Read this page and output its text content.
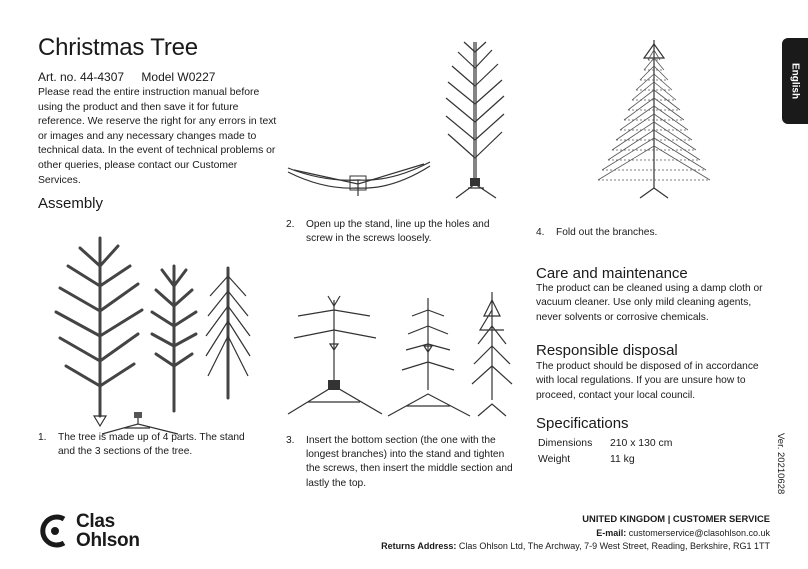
Christmas Tree
Art. no. 44-4307 Model W0227
Please read the entire instruction manual before using the product and then save it for future reference. We reserve the right for any errors in text or images and any necessary changes made to technical data. In the event of technical problems or other queries, please contact our Customer Services.
Assembly
1. The tree is made up of 4 parts. The stand and the 3 sections of the tree.
2. Open up the stand, line up the holes and screw in the screws loosely.
3. Insert the bottom section (the one with the longest branches) into the stand and tighten the screws, then insert the middle section and lastly the top.
4. Fold out the branches.
Care and maintenance
The product can be cleaned using a damp cloth or vacuum cleaner. Use only mild cleaning agents, never solvents or corrosive chemicals.
Responsible disposal
The product should be disposed of in accordance with local regulations. If you are unsure how to proceed, contact your local council.
Specifications
Dimensions	210 x 130 cm
Weight	11 kg
English
Ver. 20210628
Clas
Ohlson
UNITED KINGDOM | CUSTOMER SERVICE
E-mail: customerservice@clasohlson.co.uk
Returns Address: Clas Ohlson Ltd, The Archway, 7-9 West Street, Reading, Berkshire, RG1 1TT
